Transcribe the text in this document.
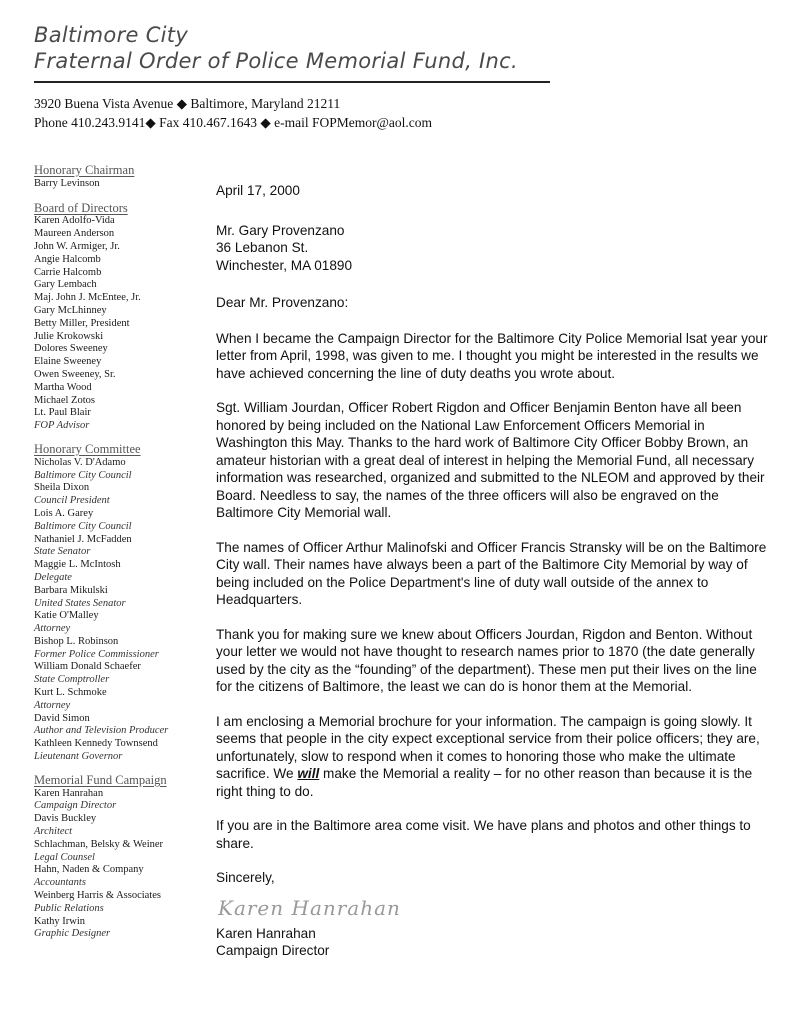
Baltimore City
Fraternal Order of Police Memorial Fund, Inc.
3920 Buena Vista Avenue ◆ Baltimore, Maryland 21211
Phone 410.243.9141◆ Fax 410.467.1643 ◆ e-mail FOPMemor@aol.com
Honorary Chairman
Barry Levinson
Board of Directors
Karen Adolfo-Vida
Maureen Anderson
John W. Armiger, Jr.
Angie Halcomb
Carrie Halcomb
Gary Lembach
Maj. John J. McEntee, Jr.
Gary McLhinney
Betty Miller, President
Julie Krokowski
Dolores Sweeney
Elaine Sweeney
Owen Sweeney, Sr.
Martha Wood
Michael Zotos
Lt. Paul Blair
FOP Advisor
Honorary Committee
Nicholas V. D'Adamo
Baltimore City Council
Sheila Dixon
Council President
Lois A. Garey
Baltimore City Council
Nathaniel J. McFadden
State Senator
Maggie L. McIntosh
Delegate
Barbara Mikulski
United States Senator
Katie O'Malley
Attorney
Bishop L. Robinson
Former Police Commissioner
William Donald Schaefer
State Comptroller
Kurt L. Schmoke
Attorney
David Simon
Author and Television Producer
Kathleen Kennedy Townsend
Lieutenant Governor
Memorial Fund Campaign
Karen Hanrahan
Campaign Director
Davis Buckley
Architect
Schlachman, Belsky & Weiner
Legal Counsel
Hahn, Naden & Company
Accountants
Weinberg Harris & Associates
Public Relations
Kathy Irwin
Graphic Designer

April 17, 2000

Mr. Gary Provenzano
36 Lebanon St.
Winchester, MA 01890

Dear Mr. Provenzano:

When I became the Campaign Director for the Baltimore City Police Memorial lsat year your letter from April, 1998, was given to me. I thought you might be interested in the results we have achieved concerning the line of duty deaths you wrote about.

Sgt. William Jourdan, Officer Robert Rigdon and Officer Benjamin Benton have all been honored by being included on the National Law Enforcement Officers Memorial in Washington this May. Thanks to the hard work of Baltimore City Officer Bobby Brown, an amateur historian with a great deal of interest in helping the Memorial Fund, all necessary information was researched, organized and submitted to the NLEOM and approved by their Board. Needless to say, the names of the three officers will also be engraved on the Baltimore City Memorial wall.

The names of Officer Arthur Malinofski and Officer Francis Stransky will be on the Baltimore City wall. Their names have always been a part of the Baltimore City Memorial by way of being included on the Police Department's line of duty wall outside of the annex to Headquarters.

Thank you for making sure we knew about Officers Jourdan, Rigdon and Benton. Without your letter we would not have thought to research names prior to 1870 (the date generally used by the city as the “founding” of the department). These men put their lives on the line for the citizens of Baltimore, the least we can do is honor them at the Memorial.

I am enclosing a Memorial brochure for your information. The campaign is going slowly. It seems that people in the city expect exceptional service from their police officers; they are, unfortunately, slow to respond when it comes to honoring those who make the ultimate sacrifice. We will make the Memorial a reality – for no other reason than because it is the right thing to do.

If you are in the Baltimore area come visit. We have plans and photos and other things to share.

Sincerely,

Karen Hanrahan
Karen Hanrahan
Campaign Director
